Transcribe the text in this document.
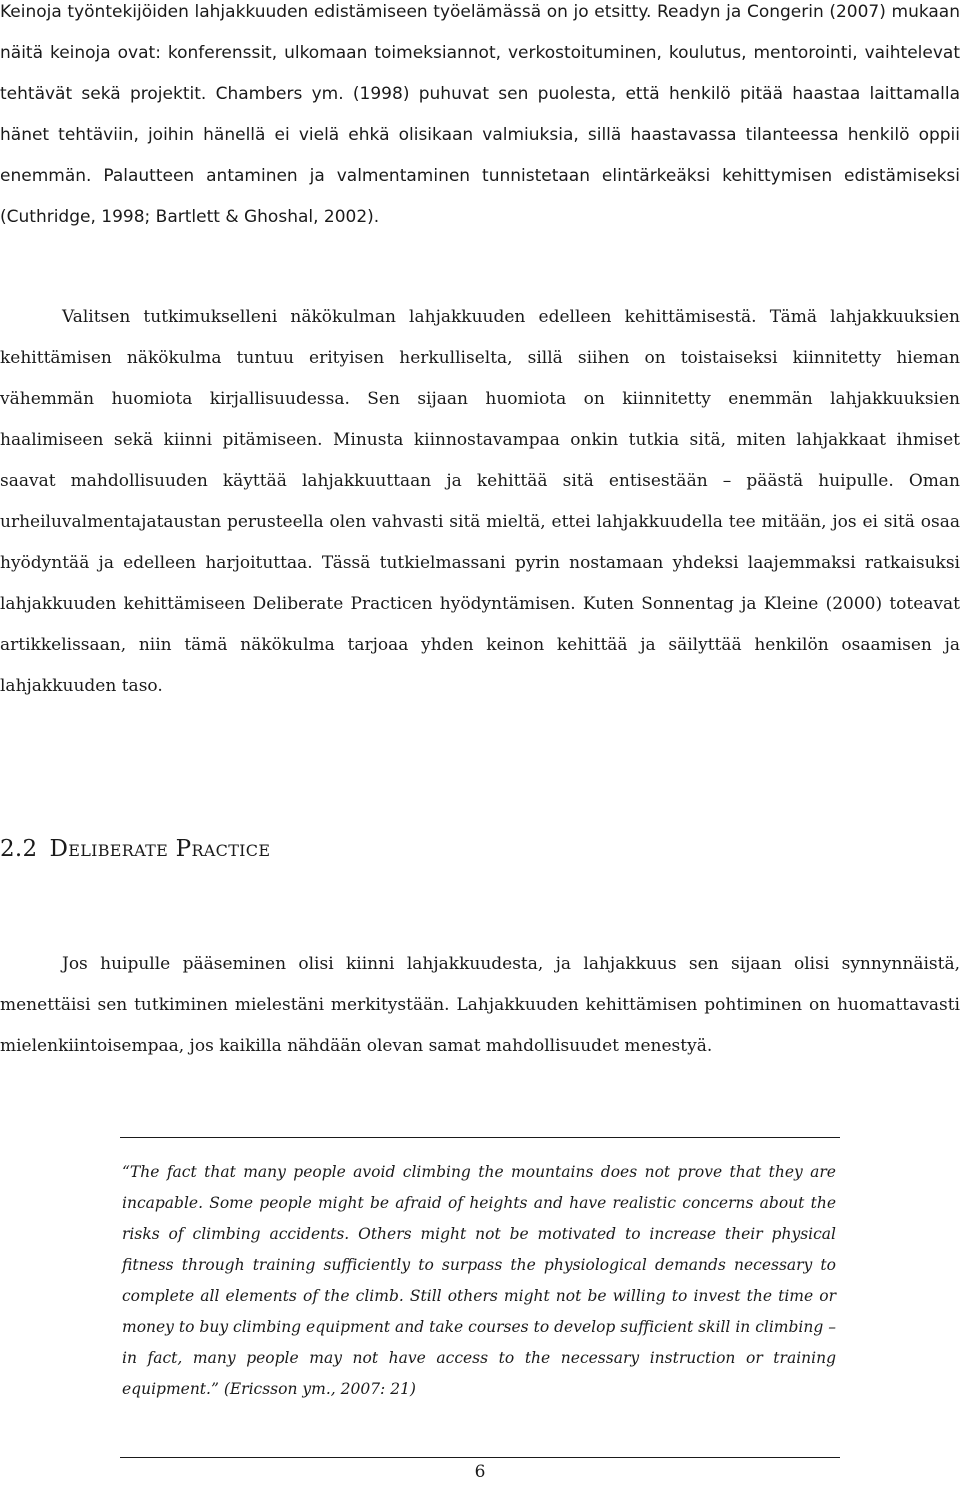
Keinoja työntekijöiden lahjakkuuden edistämiseen työelämässä on jo etsitty. Readyn ja Congerin (2007) mukaan näitä keinoja ovat: konferenssit, ulkomaan toimeksiannot, verkostoituminen, koulutus, mentorointi, vaihtelevat tehtävät sekä projektit. Chambers ym. (1998) puhuvat sen puolesta, että henkilö pitää haastaa laittamalla hänet tehtäviin, joihin hänellä ei vielä ehkä olisikaan valmiuksia, sillä haastavassa tilanteessa henkilö oppii enemmän. Palautteen antaminen ja valmentaminen tunnistetaan elintärkeäksi kehittymisen edistämiseksi (Cuthridge, 1998; Bartlett & Ghoshal, 2002).

Valitsen tutkimukselleni näkökulman lahjakkuuden edelleen kehittämisestä. Tämä lahjakkuuksien kehittämisen näkökulma tuntuu erityisen herkulliselta, sillä siihen on toistaiseksi kiinnitetty hieman vähemmän huomiota kirjallisuudessa. Sen sijaan huomiota on kiinnitetty enemmän lahjakkuuksien haalimiseen sekä kiinni pitämiseen. Minusta kiinnostavampaa onkin tutkia sitä, miten lahjakkaat ihmiset saavat mahdollisuuden käyttää lahjakkuuttaan ja kehittää sitä entisestään – päästä huipulle. Oman urheiluvalmentajataustan perusteella olen vahvasti sitä mieltä, ettei lahjakkuudella tee mitään, jos ei sitä osaa hyödyntää ja edelleen harjoituttaa. Tässä tutkielmassani pyrin nostamaan yhdeksi laajemmaksi ratkaisuksi lahjakkuuden kehittämiseen Deliberate Practicen hyödyntämisen. Kuten Sonnentag ja Kleine (2000) toteavat artikkelissaan, niin tämä näkökulma tarjoaa yhden keinon kehittää ja säilyttää henkilön osaamisen ja lahjakkuuden taso.

2.2 Deliberate Practice

Jos huipulle pääseminen olisi kiinni lahjakkuudesta, ja lahjakkuus sen sijaan olisi synnynnäistä, menettäisi sen tutkiminen mielestäni merkitystään. Lahjakkuuden kehittämisen pohtiminen on huomattavasti mielenkiintoisempaa, jos kaikilla nähdään olevan samat mahdollisuudet menestyä.

“The fact that many people avoid climbing the mountains does not prove that they are incapable. Some people might be afraid of heights and have realistic concerns about the risks of climbing accidents. Others might not be motivated to increase their physical fitness through training sufficiently to surpass the physiological demands necessary to complete all elements of the climb. Still others might not be willing to invest the time or money to buy climbing equipment and take courses to develop sufficient skill in climbing – in fact, many people may not have access to the necessary instruction or training equipment.” (Ericsson ym., 2007: 21)

6
